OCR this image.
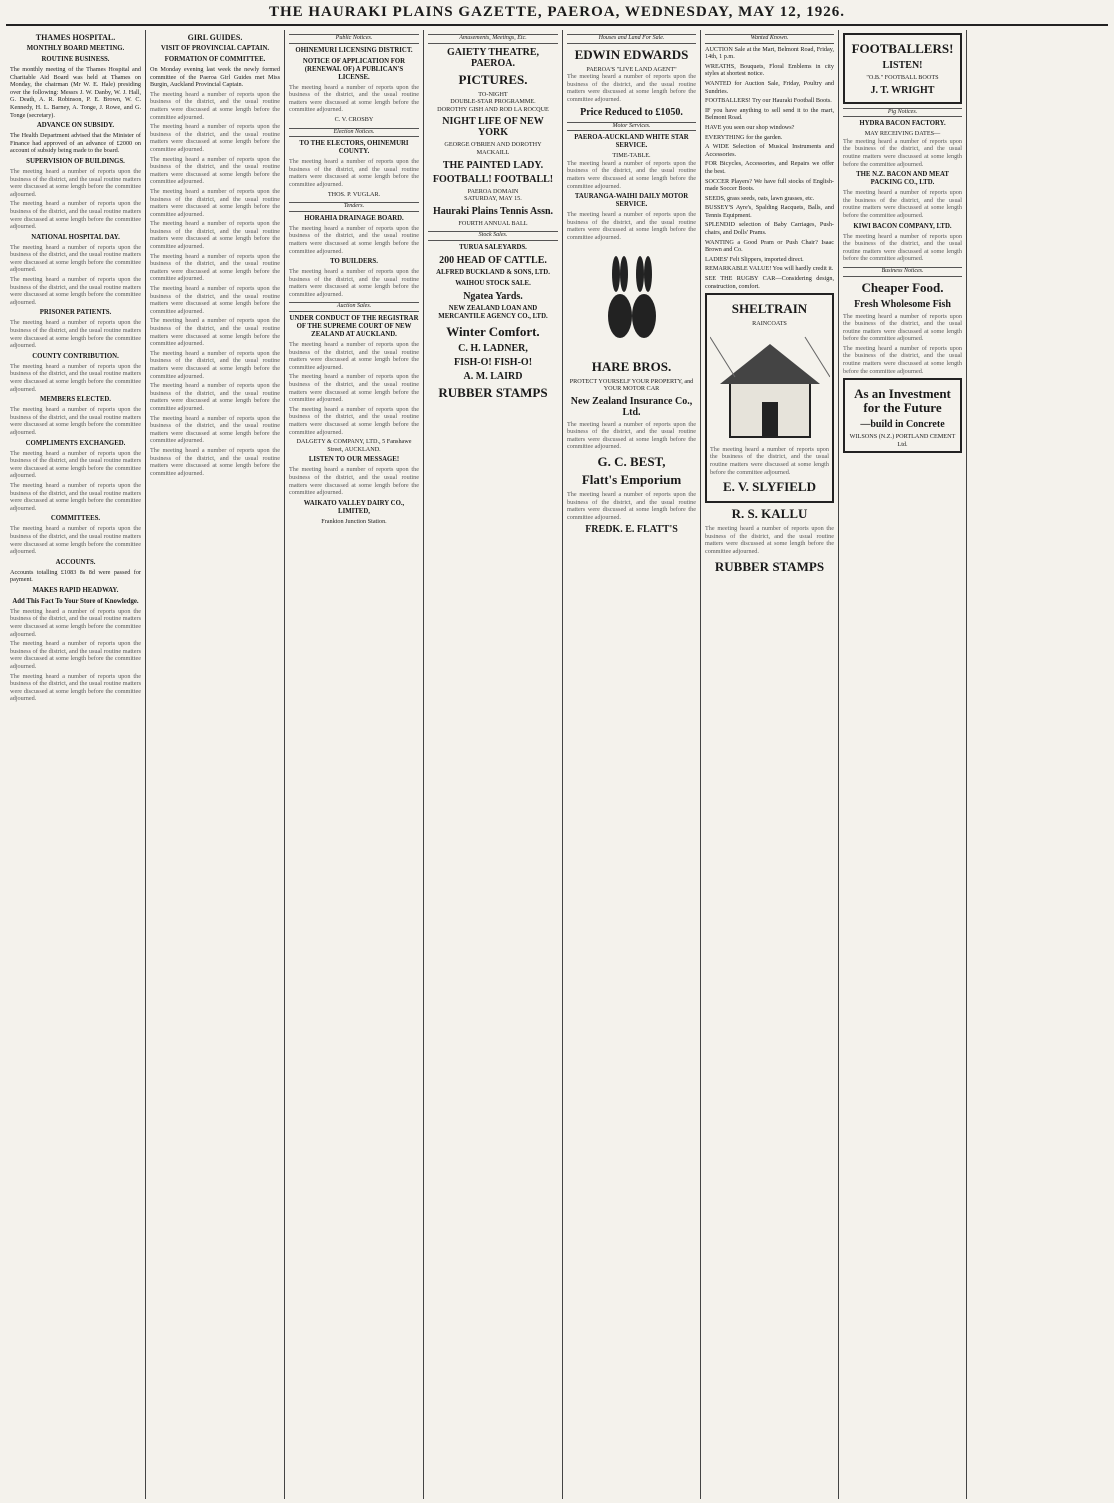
THE HAURAKI PLAINS GAZETTE, PAEROA, WEDNESDAY, MAY 12, 1926.
THAMES HOSPITAL.
MONTHLY BOARD MEETING.
ROUTINE BUSINESS.

The monthly meeting of the Thames Hospital and Charitable Aid Board was held at Thames on Monday, the chairman (Mr W. E. Hale) presiding over the following: Messrs J. W. Danby, W. J. Hall, G. Death, A. R. Robinson, P. E. Brown, W. C. Kennedy, H. L. Barney, A. Tonge, J. Rowe, and G. Tonge (secretary).

ADVANCE ON SUBSIDY.

The Health Department advised that the Minister of Finance had approved of an advance of £2000 on account of subsidy being made to the board.

SUPERVISION OF BUILDINGS.

The meeting heard a number of reports upon the business of the district, and the usual routine matters were discussed at some length before the committee adjourned.

The meeting heard a number of reports upon the business of the district, and the usual routine matters were discussed at some length before the committee adjourned.

NATIONAL HOSPITAL DAY.

The meeting heard a number of reports upon the business of the district, and the usual routine matters were discussed at some length before the committee adjourned.

The meeting heard a number of reports upon the business of the district, and the usual routine matters were discussed at some length before the committee adjourned.

PRISONER PATIENTS.

The meeting heard a number of reports upon the business of the district, and the usual routine matters were discussed at some length before the committee adjourned.

COUNTY CONTRIBUTION.

The meeting heard a number of reports upon the business of the district, and the usual routine matters were discussed at some length before the committee adjourned.

MEMBERS ELECTED.

The meeting heard a number of reports upon the business of the district, and the usual routine matters were discussed at some length before the committee adjourned.

COMPLIMENTS EXCHANGED.

The meeting heard a number of reports upon the business of the district, and the usual routine matters were discussed at some length before the committee adjourned.

The meeting heard a number of reports upon the business of the district, and the usual routine matters were discussed at some length before the committee adjourned.

COMMITTEES.

The meeting heard a number of reports upon the business of the district, and the usual routine matters were discussed at some length before the committee adjourned.

ACCOUNTS.

Accounts totalling £1083 8s 8d were passed for payment.

MAKES RAPID HEADWAY.
Add This Fact To Your Store of Knowledge.

The meeting heard a number of reports upon the business of the district, and the usual routine matters were discussed at some length before the committee adjourned.

The meeting heard a number of reports upon the business of the district, and the usual routine matters were discussed at some length before the committee adjourned.

The meeting heard a number of reports upon the business of the district, and the usual routine matters were discussed at some length before the committee adjourned.

GIRL GUIDES.
VISIT OF PROVINCIAL CAPTAIN.
FORMATION OF COMMITTEE.

On Monday evening last week the newly formed committee of the Paeroa Girl Guides met Miss Burgin, Auckland Provincial Captain.

The meeting heard a number of reports upon the business of the district, and the usual routine matters were discussed at some length before the committee adjourned.

The meeting heard a number of reports upon the business of the district, and the usual routine matters were discussed at some length before the committee adjourned.

The meeting heard a number of reports upon the business of the district, and the usual routine matters were discussed at some length before the committee adjourned.

The meeting heard a number of reports upon the business of the district, and the usual routine matters were discussed at some length before the committee adjourned.

The meeting heard a number of reports upon the business of the district, and the usual routine matters were discussed at some length before the committee adjourned.

The meeting heard a number of reports upon the business of the district, and the usual routine matters were discussed at some length before the committee adjourned.

The meeting heard a number of reports upon the business of the district, and the usual routine matters were discussed at some length before the committee adjourned.

The meeting heard a number of reports upon the business of the district, and the usual routine matters were discussed at some length before the committee adjourned.

The meeting heard a number of reports upon the business of the district, and the usual routine matters were discussed at some length before the committee adjourned.

The meeting heard a number of reports upon the business of the district, and the usual routine matters were discussed at some length before the committee adjourned.

The meeting heard a number of reports upon the business of the district, and the usual routine matters were discussed at some length before the committee adjourned.

The meeting heard a number of reports upon the business of the district, and the usual routine matters were discussed at some length before the committee adjourned.

Public Notices.
OHINEMURI LICENSING DISTRICT.
NOTICE OF APPLICATION FOR (RENEWAL OF) A PUBLICAN'S LICENSE.

The meeting heard a number of reports upon the business of the district, and the usual routine matters were discussed at some length before the committee adjourned.

C. V. CROSBY

Election Notices.
TO THE ELECTORS, OHINEMURI COUNTY.

The meeting heard a number of reports upon the business of the district, and the usual routine matters were discussed at some length before the committee adjourned.

THOS. P. VUGLAR.

Tenders.
HORAHIA DRAINAGE BOARD.

The meeting heard a number of reports upon the business of the district, and the usual routine matters were discussed at some length before the committee adjourned.

TO BUILDERS.

The meeting heard a number of reports upon the business of the district, and the usual routine matters were discussed at some length before the committee adjourned.

Auction Sales.
UNDER CONDUCT OF THE REGISTRAR OF THE SUPREME COURT OF NEW ZEALAND AT AUCKLAND.

The meeting heard a number of reports upon the business of the district, and the usual routine matters were discussed at some length before the committee adjourned.

The meeting heard a number of reports upon the business of the district, and the usual routine matters were discussed at some length before the committee adjourned.

The meeting heard a number of reports upon the business of the district, and the usual routine matters were discussed at some length before the committee adjourned.

DALGETY & COMPANY, LTD., 5 Fanshawe Street, AUCKLAND.

LISTEN TO OUR MESSAGE!

The meeting heard a number of reports upon the business of the district, and the usual routine matters were discussed at some length before the committee adjourned.

WAIKATO VALLEY DAIRY CO., LIMITED,

Frankton Junction Station.

Amusements, Meetings, Etc.
GAIETY THEATRE, PAEROA.
PICTURES.
TO-NIGHT
DOUBLE-STAR PROGRAMME.
DOROTHY GISH AND ROD LA ROCQUE
NIGHT LIFE OF NEW YORK
GEORGE O'BRIEN AND DOROTHY MACKAILL
THE PAINTED LADY.
FOOTBALL! FOOTBALL!
PAEROA DOMAIN
SATURDAY, MAY 15.
Hauraki Plains Tennis Assn.
FOURTH ANNUAL BALL
Stock Sales.
TURUA SALEYARDS.
200 HEAD OF CATTLE.
ALFRED BUCKLAND & SONS, LTD.
WAIHOU STOCK SALE.
Ngatea Yards.
NEW ZEALAND LOAN AND MERCANTILE AGENCY CO., LTD.
Winter Comfort.
C. H. LADNER,
FISH-O! FISH-O!
A. M. LAIRD
RUBBER STAMPS
Houses and Land For Sale.
EDWIN EDWARDS
PAEROA'S "LIVE LAND AGENT"

The meeting heard a number of reports upon the business of the district, and the usual routine matters were discussed at some length before the committee adjourned.

Price Reduced to £1050.
Motor Services.
PAEROA-AUCKLAND WHITE STAR SERVICE.
TIME-TABLE.

The meeting heard a number of reports upon the business of the district, and the usual routine matters were discussed at some length before the committee adjourned.

TAURANGA-WAIHI DAILY MOTOR SERVICE.

The meeting heard a number of reports upon the business of the district, and the usual routine matters were discussed at some length before the committee adjourned.

HARE BROS.
PROTECT YOURSELF YOUR PROPERTY, and YOUR MOTOR CAR
New Zealand Insurance Co., Ltd.

The meeting heard a number of reports upon the business of the district, and the usual routine matters were discussed at some length before the committee adjourned.

G. C. BEST,
Flatt's Emporium

The meeting heard a number of reports upon the business of the district, and the usual routine matters were discussed at some length before the committee adjourned.

FREDK. E. FLATT'S
Wanted Known.

AUCTION Sale at the Mart, Belmont Road, Friday, 14th, 1 p.m.

WREATHS, Bouquets, Floral Emblems in city styles at shortest notice.

WANTED for Auction Sale, Friday, Poultry and Sundries.

FOOTBALLERS! Try our Hauraki Football Boots.

IF you have anything to sell send it to the mart, Belmont Road.

HAVE you seen our shop windows?

EVERYTHING for the garden.

A WIDE Selection of Musical Instruments and Accessories.

FOR Bicycles, Accessories, and Repairs we offer the best.

SOCCER Players? We have full stocks of English-made Soccer Boots.

SEEDS, grass seeds, oats, lawn grasses, etc.

BUSSEY'S Ayre's, Spalding Racquets, Balls, and Tennis Equipment.

SPLENDID selection of Baby Carriages, Push-chairs, and Dolls' Prams.

WANTING a Good Pram or Push Chair? Isaac Brown and Co.

LADIES' Felt Slippers, imported direct.

REMARKABLE VALUE! You will hardly credit it.

SEE THE RUGBY CAR—Considering design, construction, comfort.

SHELTRAIN
RAINCOATS

The meeting heard a number of reports upon the business of the district, and the usual routine matters were discussed at some length before the committee adjourned.

E. V. SLYFIELD
R. S. KALLU

The meeting heard a number of reports upon the business of the district, and the usual routine matters were discussed at some length before the committee adjourned.

RUBBER STAMPS
FOOTBALLERS!
LISTEN!
"O.B." FOOTBALL BOOTS
J. T. WRIGHT
Pig Notices.
HYDRA BACON FACTORY.
MAY RECEIVING DATES—

The meeting heard a number of reports upon the business of the district, and the usual routine matters were discussed at some length before the committee adjourned.

THE N.Z. BACON AND MEAT PACKING CO., LTD.

The meeting heard a number of reports upon the business of the district, and the usual routine matters were discussed at some length before the committee adjourned.

KIWI BACON COMPANY, LTD.

The meeting heard a number of reports upon the business of the district, and the usual routine matters were discussed at some length before the committee adjourned.

Business Notices.
Cheaper Food.
Fresh Wholesome Fish

The meeting heard a number of reports upon the business of the district, and the usual routine matters were discussed at some length before the committee adjourned.

The meeting heard a number of reports upon the business of the district, and the usual routine matters were discussed at some length before the committee adjourned.

As an Investment for the Future
—build in Concrete
WILSONS (N.Z.) PORTLAND CEMENT Ltd.
